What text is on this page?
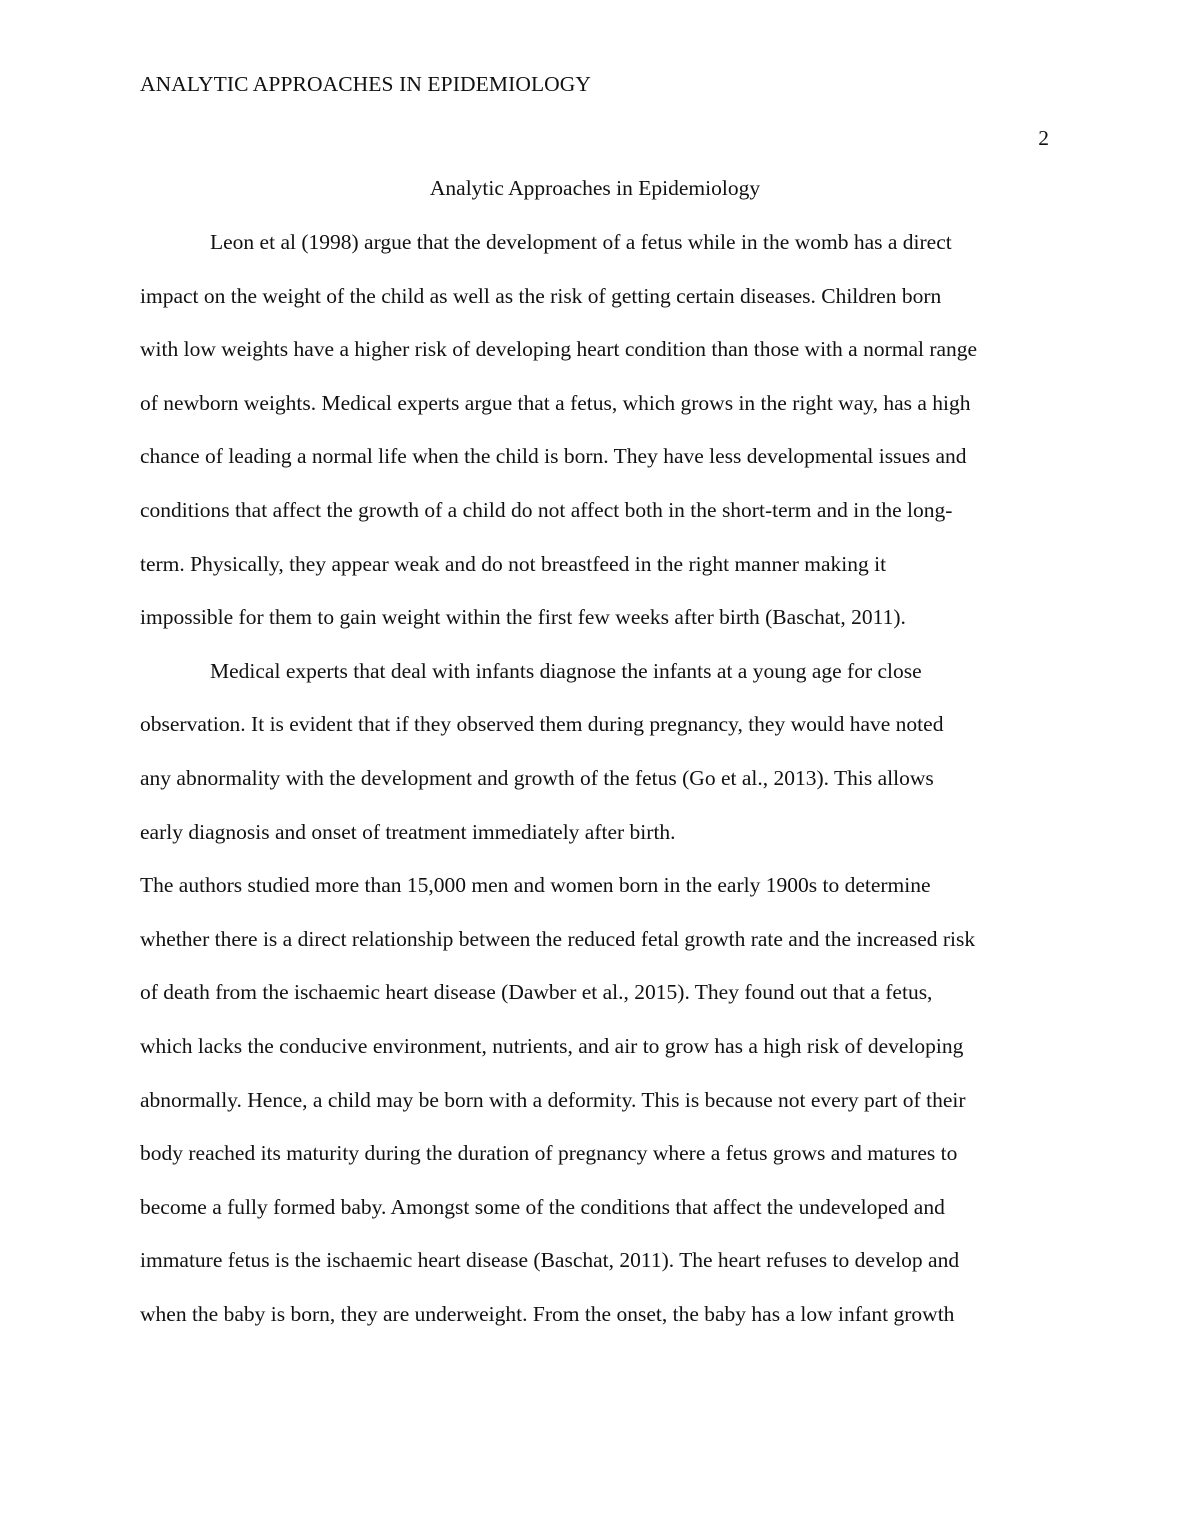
ANALYTIC APPROACHES IN EPIDEMIOLOGY
2
Analytic Approaches in Epidemiology
Leon et al (1998) argue that the development of a fetus while in the womb has a direct
impact on the weight of the child as well as the risk of getting certain diseases. Children born
with low weights have a higher risk of developing heart condition than those with a normal range
of newborn weights. Medical experts argue that a fetus, which grows in the right way, has a high
chance of leading a normal life when the child is born. They have less developmental issues and
conditions that affect the growth of a child do not affect both in the short-term and in the long-
term. Physically, they appear weak and do not breastfeed in the right manner making it
impossible for them to gain weight within the first few weeks after birth (Baschat, 2011).
Medical experts that deal with infants diagnose the infants at a young age for close
observation. It is evident that if they observed them during pregnancy, they would have noted
any abnormality with the development and growth of the fetus (Go et al., 2013). This allows
early diagnosis and onset of treatment immediately after birth.
The authors studied more than 15,000 men and women born in the early 1900s to determine
whether there is a direct relationship between the reduced fetal growth rate and the increased risk
of death from the ischaemic heart disease (Dawber et al., 2015). They found out that a fetus,
which lacks the conducive environment, nutrients, and air to grow has a high risk of developing
abnormally. Hence, a child may be born with a deformity. This is because not every part of their
body reached its maturity during the duration of pregnancy where a fetus grows and matures to
become a fully formed baby. Amongst some of the conditions that affect the undeveloped and
immature fetus is the ischaemic heart disease (Baschat, 2011). The heart refuses to develop and
when the baby is born, they are underweight. From the onset, the baby has a low infant growth
